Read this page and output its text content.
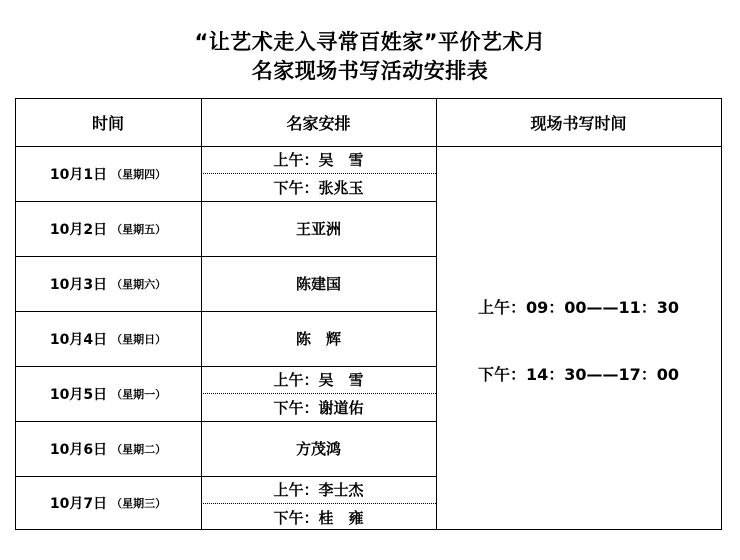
“让艺术走入寻常百姓家”平价艺术月
名家现场书写活动安排表
时间	名家安排	现场书写时间
10月1日 （星期四）
10月2日 （星期五）
10月3日 （星期六）
10月4日 （星期日）
10月5日 （星期一）
10月6日 （星期二）
10月7日 （星期三）
上午：吴　雪
下午：张兆玉
王亚洲
陈建国
陈　辉
上午：吴　雪
下午：谢道佑
方茂鸿
上午：李士杰
下午：桂　雍
上午：09：00——11：30
下午：14：30——17：00
